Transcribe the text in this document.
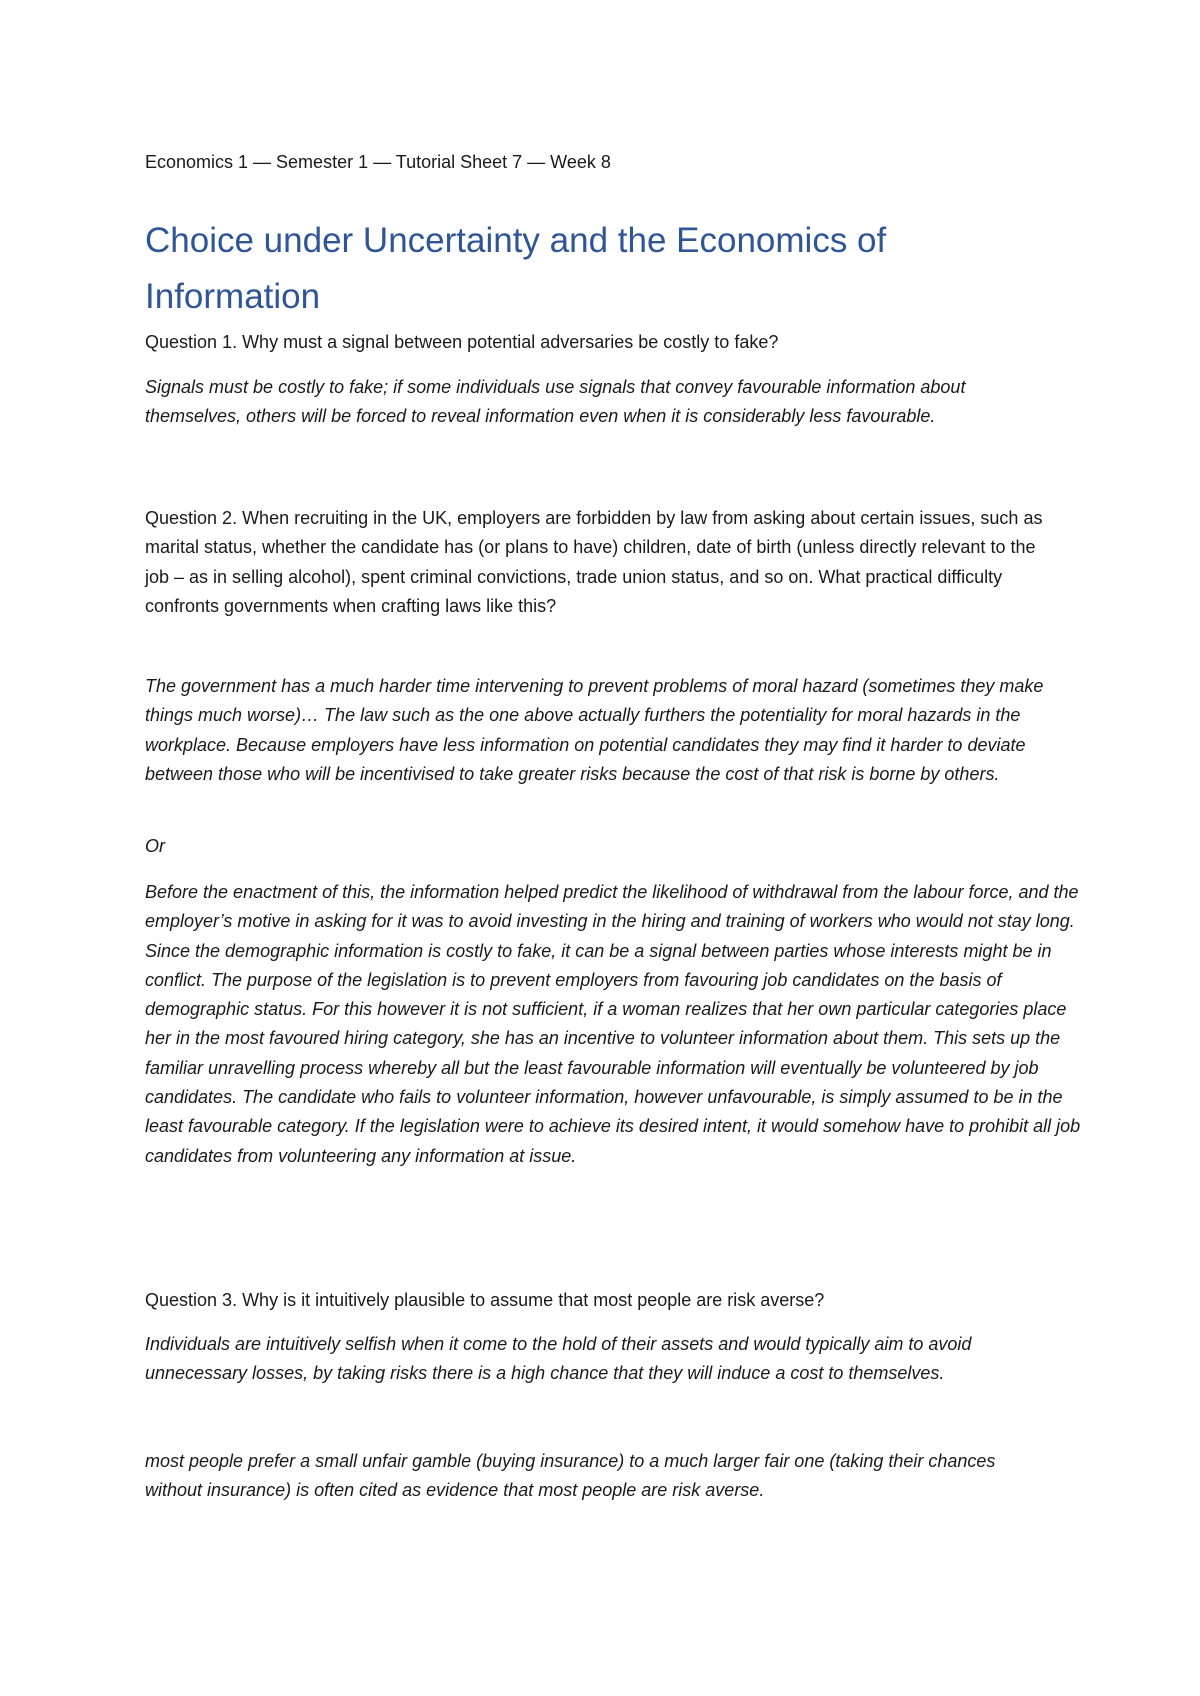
Economics 1 — Semester 1 — Tutorial Sheet 7 — Week 8
Choice under Uncertainty and the Economics of
Information

Question 1. Why must a signal between potential adversaries be costly to fake?

Signals must be costly to fake; if some individuals use signals that convey favourable information about themselves, others will be forced to reveal information even when it is considerably less favourable.

Question 2. When recruiting in the UK, employers are forbidden by law from asking about certain issues, such as marital status, whether the candidate has (or plans to have) children, date of birth (unless directly relevant to the job – as in selling alcohol), spent criminal convictions, trade union status, and so on. What practical difficulty confronts governments when crafting laws like this?

The government has a much harder time intervening to prevent problems of moral hazard (sometimes they make things much worse)… The law such as the one above actually furthers the potentiality for moral hazards in the workplace. Because employers have less information on potential candidates they may find it harder to deviate between those who will be incentivised to take greater risks because the cost of that risk is borne by others.

Or

Before the enactment of this, the information helped predict the likelihood of withdrawal from the labour force, and the employer’s motive in asking for it was to avoid investing in the hiring and training of workers who would not stay long. Since the demographic information is costly to fake, it can be a signal between parties whose interests might be in conflict. The purpose of the legislation is to prevent employers from favouring job candidates on the basis of demographic status. For this however it is not sufficient, if a woman realizes that her own particular categories place her in the most favoured hiring category, she has an incentive to volunteer information about them. This sets up the familiar unravelling process whereby all but the least favourable information will eventually be volunteered by job candidates. The candidate who fails to volunteer information, however unfavourable, is simply assumed to be in the least favourable category. If the legislation were to achieve its desired intent, it would somehow have to prohibit all job candidates from volunteering any information at issue.

Question 3. Why is it intuitively plausible to assume that most people are risk averse?

Individuals are intuitively selfish when it come to the hold of their assets and would typically aim to avoid unnecessary losses, by taking risks there is a high chance that they will induce a cost to themselves.

most people prefer a small unfair gamble (buying insurance) to a much larger fair one (taking their chances without insurance) is often cited as evidence that most people are risk averse.
